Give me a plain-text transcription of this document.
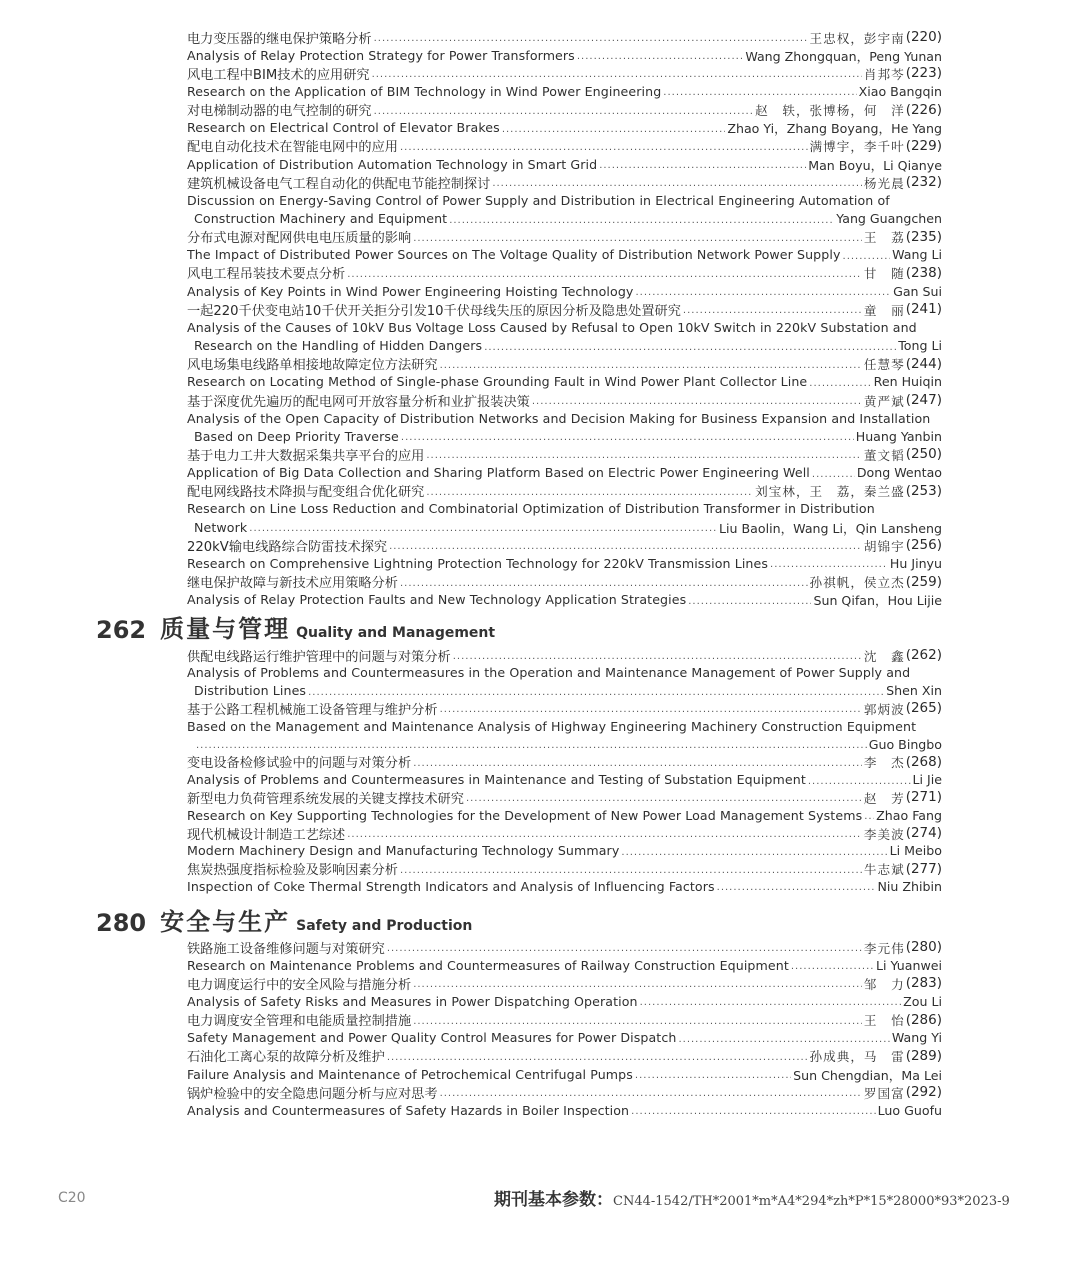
电力变压器的继电保护策略分析 .....	王忠权，彭宇南 (220)
Analysis of Relay Protection Strategy for Power Transformers .....	Wang Zhongquan，Peng Yunan
风电工程中BIM技术的应用研究 .....	肖邦芩 (223)
Research on the Application of BIM Technology in Wind Power Engineering .....	Xiao Bangqin
对电梯制动器的电气控制的研究 .....	赵　轶，张博杨，何　洋 (226)
Research on Electrical Control of Elevator Brakes .....	Zhao Yi，Zhang Boyang，He Yang
配电自动化技术在智能电网中的应用 .....	满博宇，李千叶 (229)
Application of Distribution Automation Technology in Smart Grid .....	Man Boyu，Li Qianye
建筑机械设备电气工程自动化的供配电节能控制探讨 .....	杨光晨 (232)
Discussion on Energy-Saving Control of Power Supply and Distribution in Electrical Engineering Automation of
Construction Machinery and Equipment .....	Yang Guangchen
分布式电源对配网供电电压质量的影响 .....	王　荔 (235)
The Impact of Distributed Power Sources on The Voltage Quality of Distribution Network Power Supply .....	Wang Li
风电工程吊装技术要点分析 .....	甘　随 (238)
Analysis of Key Points in Wind Power Engineering Hoisting Technology .....	Gan Sui
一起220千伏变电站10千伏开关拒分引发10千伏母线失压的原因分析及隐患处置研究 .....	童　丽 (241)
Analysis of the Causes of 10kV Bus Voltage Loss Caused by Refusal to Open 10kV Switch in 220kV Substation and
Research on the Handling of Hidden Dangers .....	Tong Li
风电场集电线路单相接地故障定位方法研究 .....	任慧琴 (244)
Research on Locating Method of Single-phase Grounding Fault in Wind Power Plant Collector Line .....	Ren Huiqin
基于深度优先遍历的配电网可开放容量分析和业扩报装决策 .....	黄严斌 (247)
Analysis of the Open Capacity of Distribution Networks and Decision Making for Business Expansion and Installation
Based on Deep Priority Traverse .....	Huang Yanbin
基于电力工井大数据采集共享平台的应用 .....	董文韬 (250)
Application of Big Data Collection and Sharing Platform Based on Electric Power Engineering Well .....	Dong Wentao
配电网线路技术降损与配变组合优化研究 .....	刘宝林，王　荔，秦兰盛 (253)
Research on Line Loss Reduction and Combinatorial Optimization of Distribution Transformer in Distribution
Network .....	Liu Baolin，Wang Li，Qin Lansheng
220kV输电线路综合防雷技术探究 .....	胡锦宇 (256)
Research on Comprehensive Lightning Protection Technology for 220kV Transmission Lines .....	Hu Jinyu
继电保护故障与新技术应用策略分析 .....	孙祺帆，侯立杰 (259)
Analysis of Relay Protection Faults and New Technology Application Strategies .....	Sun Qifan，Hou Lijie
262 质量与管理 Quality and Management
供配电线路运行维护管理中的问题与对策分析 .....	沈　鑫 (262)
Analysis of Problems and Countermeasures in the Operation and Maintenance Management of Power Supply and
Distribution Lines .....	Shen Xin
基于公路工程机械施工设备管理与维护分析 .....	郭炳波 (265)
Based on the Management and Maintenance Analysis of Highway Engineering Machinery Construction Equipment
.....
Guo Bingbo
变电设备检修试验中的问题与对策分析 .....	李　杰 (268)
Analysis of Problems and Countermeasures in Maintenance and Testing of Substation Equipment .....	Li Jie
新型电力负荷管理系统发展的关键支撑技术研究 .....	赵　芳 (271)
Research on Key Supporting Technologies for the Development of New Power Load Management Systems ..... Zhao Fang
现代机械设计制造工艺综述 .....	李美波 (274)
Modern Machinery Design and Manufacturing Technology Summary .....	Li Meibo
焦炭热强度指标检验及影响因素分析 .....	牛志斌 (277)
Inspection of Coke Thermal Strength Indicators and Analysis of Influencing Factors .....	Niu Zhibin
280 安全与生产 Safety and Production
铁路施工设备维修问题与对策研究 .....	李元伟 (280)
Research on Maintenance Problems and Countermeasures of Railway Construction Equipment .....	Li Yuanwei
电力调度运行中的安全风险与措施分析 .....	邹　力 (283)
Analysis of Safety Risks and Measures in Power Dispatching Operation .....	Zou Li
电力调度安全管理和电能质量控制措施 .....	王　怡 (286)
Safety Management and Power Quality Control Measures for Power Dispatch .....	Wang Yi
石油化工离心泵的故障分析及维护 .....	孙成典，马　雷 (289)
Failure Analysis and Maintenance of Petrochemical Centrifugal Pumps .....	Sun Chengdian，Ma Lei
锅炉检验中的安全隐患问题分析与应对思考 .....	罗国富 (292)
Analysis and Countermeasures of Safety Hazards in Boiler Inspection .....	Luo Guofu
C20	期刊基本参数： CN44-1542/TH*2001*m*A4*294*zh*P*15*28000*93*2023-9
